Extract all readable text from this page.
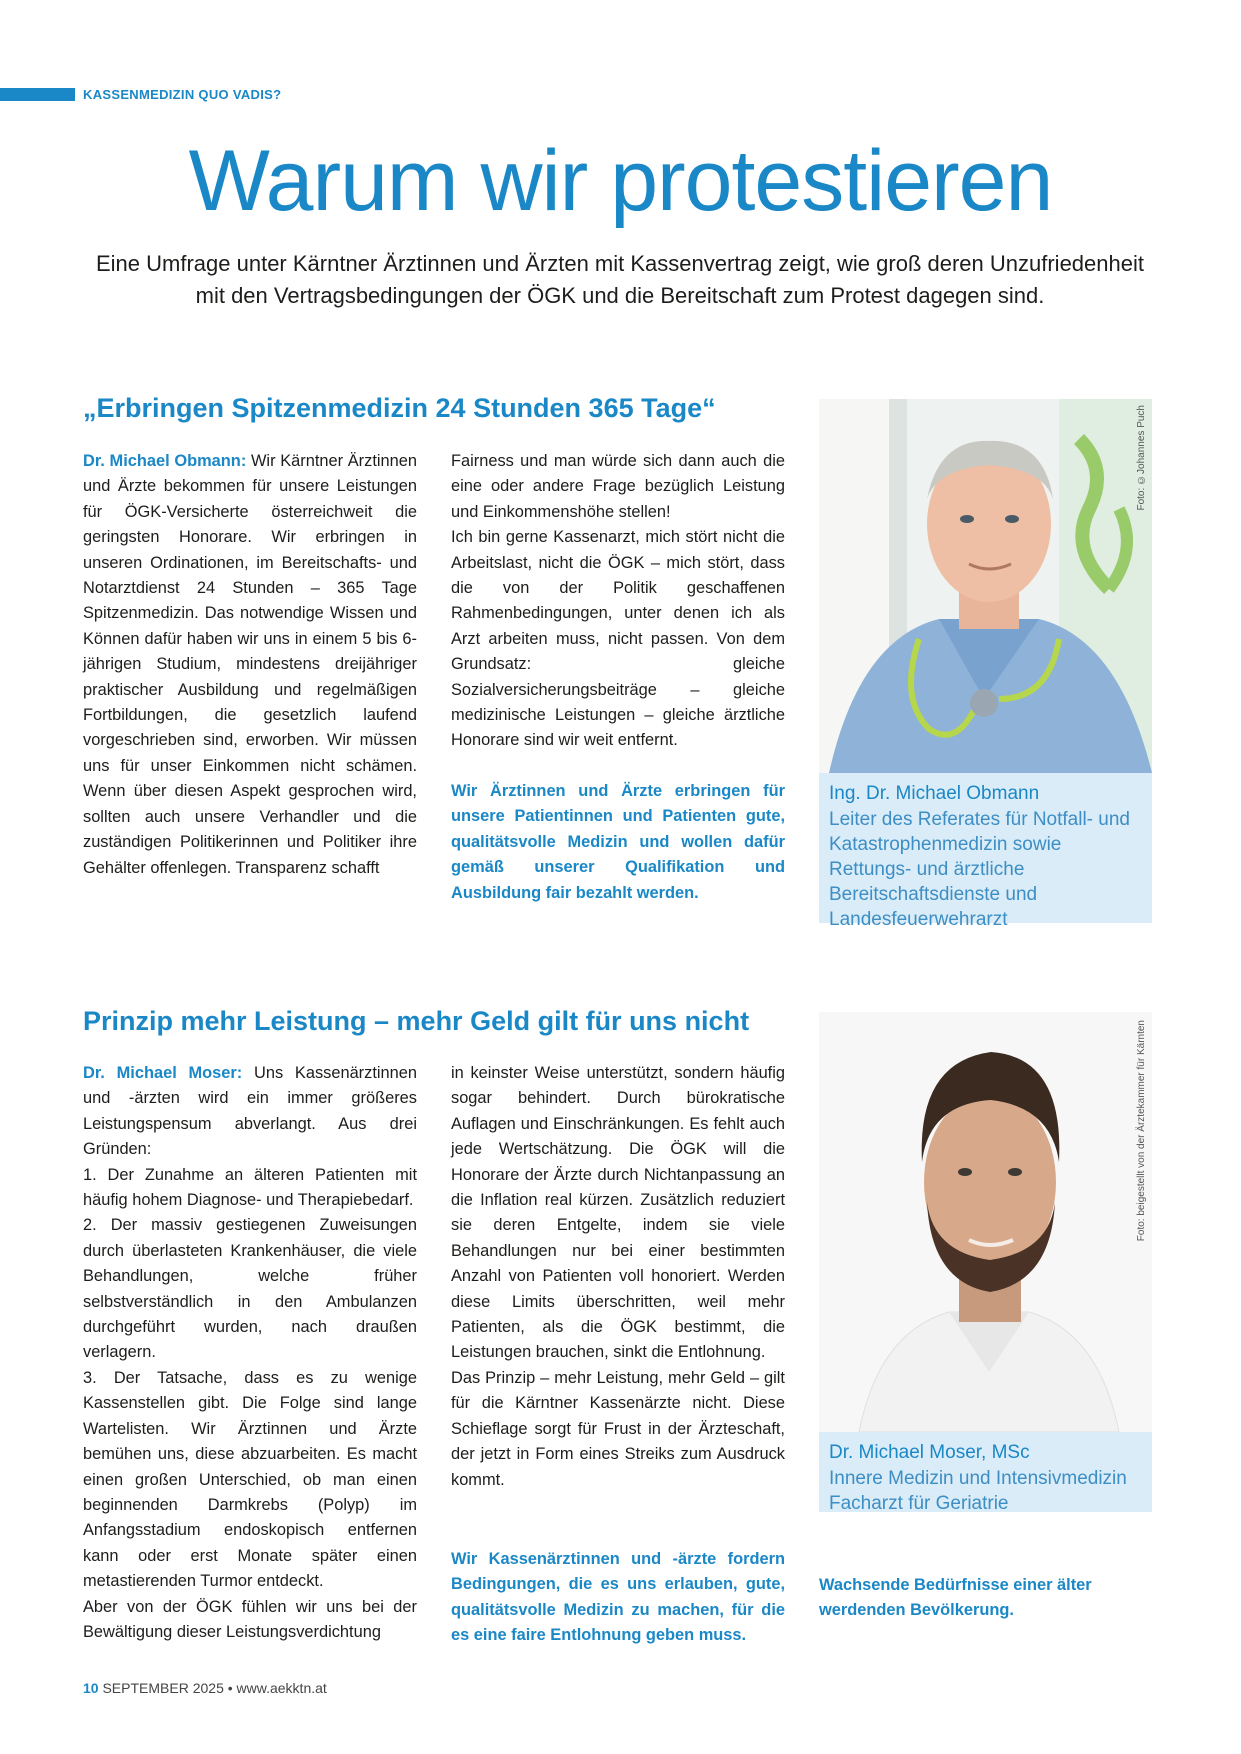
KASSENMEDIZIN QUO VADIS?
Warum wir protestieren
Eine Umfrage unter Kärntner Ärztinnen und Ärzten mit Kassenvertrag zeigt, wie groß deren Unzufriedenheit mit den Vertragsbedingungen der ÖGK und die Bereitschaft zum Protest dagegen sind.
„Erbringen Spitzenmedizin 24 Stunden 365 Tage“

Dr. Michael Obmann: Wir Kärntner Ärztinnen und Ärzte bekommen für unsere Leistungen für ÖGK-Versicherte österreichweit die geringsten Honorare. Wir erbringen in unseren Ordinationen, im Bereitschafts- und Notarztdienst 24 Stunden – 365 Tage Spitzenmedizin. Das notwendige Wissen und Können dafür haben wir uns in einem 5 bis 6-jährigen Studium, mindestens dreijähriger praktischer Ausbildung und regelmäßigen Fortbildungen, die gesetzlich laufend vorgeschrieben sind, erworben. Wir müssen uns für unser Einkommen nicht schämen. Wenn über diesen Aspekt gesprochen wird, sollten auch unsere Verhandler und die zuständigen Politikerinnen und Politiker ihre Gehälter offenlegen. Transparenz schafft

Fairness und man würde sich dann auch die eine oder andere Frage bezüglich Leistung und Einkommenshöhe stellen!

Ich bin gerne Kassenarzt, mich stört nicht die Arbeitslast, nicht die ÖGK – mich stört, dass die von der Politik geschaffenen Rahmenbedingungen, unter denen ich als Arzt arbeiten muss, nicht passen. Von dem Grundsatz: gleiche Sozialversicherungsbeiträge – gleiche medizinische Leistungen – gleiche ärztliche Honorare sind wir weit entfernt.

Wir Ärztinnen und Ärzte erbringen für unsere Patientinnen und Patienten gute, qualitätsvolle Medizin und wollen dafür gemäß unserer Qualifikation und Ausbildung fair bezahlt werden.
Foto: ©Johannes Puch
Ing. Dr. Michael Obmann
Leiter des Referates für Notfall- und Katastrophenmedizin sowie Rettungs- und ärztliche Bereitschaftsdienste und Landesfeuerwehrarzt
Prinzip mehr Leistung – mehr Geld gilt für uns nicht

Dr. Michael Moser: Uns Kassenärztinnen und -ärzten wird ein immer größeres Leistungspensum abverlangt. Aus drei Gründen:

1. Der Zunahme an älteren Patienten mit häufig hohem Diagnose- und Therapiebedarf.

2. Der massiv gestiegenen Zuweisungen durch überlasteten Krankenhäuser, die viele Behandlungen, welche früher selbstverständlich in den Ambulanzen durchgeführt wurden, nach draußen verlagern.

3. Der Tatsache, dass es zu wenige Kassenstellen gibt. Die Folge sind lange Wartelisten. Wir Ärztinnen und Ärzte bemühen uns, diese abzuarbeiten. Es macht einen großen Unterschied, ob man einen beginnenden Darmkrebs (Polyp) im Anfangsstadium endoskopisch entfernen kann oder erst Monate später einen metastierenden Turmor entdeckt.

Aber von der ÖGK fühlen wir uns bei der Bewältigung dieser Leistungsverdichtung

in keinster Weise unterstützt, sondern häufig sogar behindert. Durch bürokratische Auflagen und Einschränkungen. Es fehlt auch jede Wertschätzung. Die ÖGK will die Honorare der Ärzte durch Nichtanpassung an die Inflation real kürzen. Zusätzlich reduziert sie deren Entgelte, indem sie viele Behandlungen nur bei einer bestimmten Anzahl von Patienten voll honoriert. Werden diese Limits überschritten, weil mehr Patienten, als die ÖGK bestimmt, die Leistungen brauchen, sinkt die Entlohnung.

Das Prinzip – mehr Leistung, mehr Geld – gilt für die Kärntner Kassenärzte nicht. Diese Schieflage sorgt für Frust in der Ärzteschaft, der jetzt in Form eines Streiks zum Ausdruck kommt.

Wir Kassenärztinnen und -ärzte fordern Bedingungen, die es uns erlauben, gute, qualitätsvolle Medizin zu machen, für die es eine faire Entlohnung geben muss.
Foto: beigestellt von der Ärztekammer für Kärnten
Dr. Michael Moser, MSc
Innere Medizin und Intensivmedizin Facharzt für Geriatrie
Wachsende Bedürfnisse einer älter werdenden Bevölkerung.
10 SEPTEMBER 2025 • www.aekktn.at
